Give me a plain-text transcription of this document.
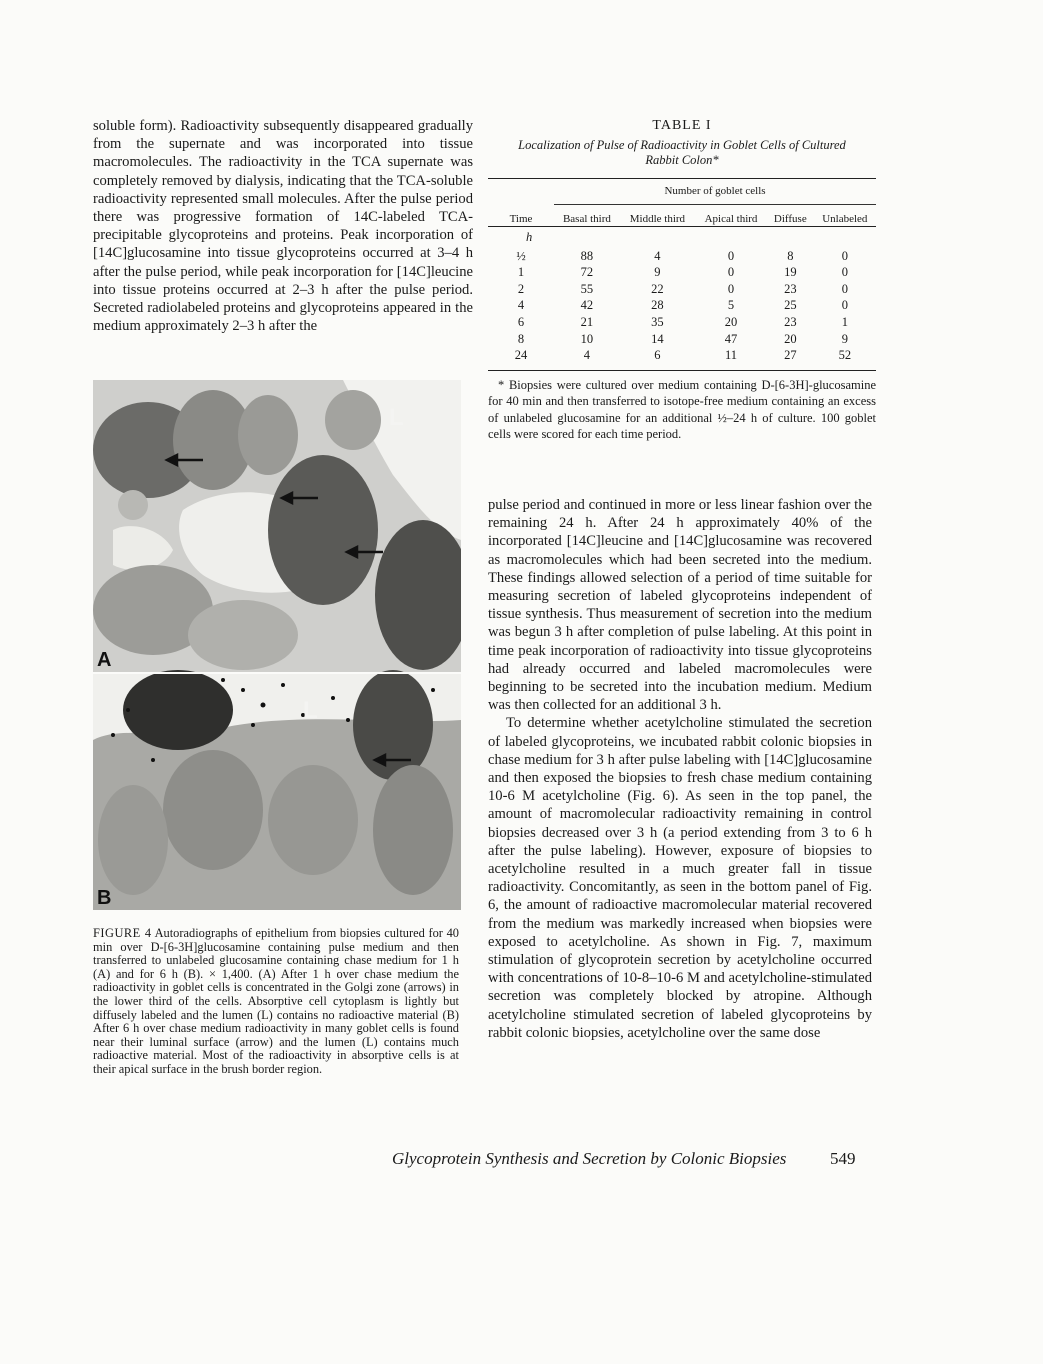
soluble form). Radioactivity subsequently disappeared gradually from the supernate and was incorporated into tissue macromolecules. The radioactivity in the TCA supernate was completely removed by dialysis, indicating that the TCA-soluble radioactivity represented small molecules. After the pulse period there was progressive formation of 14C-labeled TCA-precipitable glycoproteins and proteins. Peak incorporation of [14C]glucosamine into tissue glycoproteins occurred at 3–4 h after the pulse period, while peak incorporation for [14C]leucine into tissue proteins occurred at 2–3 h after the pulse period. Secreted radiolabeled proteins and glycoproteins appeared in the medium approximately 2–3 h after the

TABLE I

Localization of Pulse of Radioactivity in Goblet Cells of Cultured Rabbit Colon*

Time	Number of goblet cells				
	Basal third	Middle third	Apical third	Diffuse	Unlabeled
h					
½	88	4	0	8	0
1	72	9	0	19	0
2	55	22	0	23	0
4	42	28	5	25	0
6	21	35	20	23	1
8	10	14	47	20	9
24	4	6	11	27	52

* Biopsies were cultured over medium containing D-[6-3H]-glucosamine for 40 min and then transferred to isotope-free medium containing an excess of unlabeled glucosamine for an additional ½–24 h of culture. 100 goblet cells were scored for each time period.

L
L
A
B

FIGURE 4 Autoradiographs of epithelium from biopsies cultured for 40 min over D-[6-3H]glucosamine containing pulse medium and then transferred to unlabeled glucosamine containing chase medium for 1 h (A) and for 6 h (B). × 1,400. (A) After 1 h over chase medium the radioactivity in goblet cells is concentrated in the Golgi zone (arrows) in the lower third of the cells. Absorptive cell cytoplasm is lightly but diffusely labeled and the lumen (L) contains no radioactive material (B) After 6 h over chase medium radioactivity in many goblet cells is found near their luminal surface (arrow) and the lumen (L) contains much radioactive material. Most of the radioactivity in absorptive cells is at their apical surface in the brush border region.

pulse period and continued in more or less linear fashion over the remaining 24 h. After 24 h approximately 40% of the incorporated [14C]leucine and [14C]glucosamine was recovered as macromolecules which had been secreted into the medium. These findings allowed selection of a period of time suitable for measuring secretion of labeled glycoproteins independent of tissue synthesis. Thus measurement of secretion into the medium was begun 3 h after completion of pulse labeling. At this point in time peak incorporation of radioactivity into tissue glycoproteins had already occurred and labeled macromolecules were beginning to be secreted into the incubation medium. Medium was then collected for an additional 3 h.

To determine whether acetylcholine stimulated the secretion of labeled glycoproteins, we incubated rabbit colonic biopsies in chase medium for 3 h after pulse labeling with [14C]glucosamine and then exposed the biopsies to fresh chase medium containing 10-6 M acetylcholine (Fig. 6). As seen in the top panel, the amount of macromolecular radioactivity remaining in control biopsies decreased over 3 h (a period extending from 3 to 6 h after the pulse labeling). However, exposure of biopsies to acetylcholine resulted in a much greater fall in tissue radioactivity. Concomitantly, as seen in the bottom panel of Fig. 6, the amount of radioactive macromolecular material recovered from the medium was markedly increased when biopsies were exposed to acetylcholine. As shown in Fig. 7, maximum stimulation of glycoprotein secretion by acetylcholine occurred with concentrations of 10-8–10-6 M and acetylcholine-stimulated secretion was completely blocked by atropine. Although acetylcholine stimulated secretion of labeled glycoproteins by rabbit colonic biopsies, acetylcholine over the same dose

Glycoprotein Synthesis and Secretion by Colonic Biopsies	549
